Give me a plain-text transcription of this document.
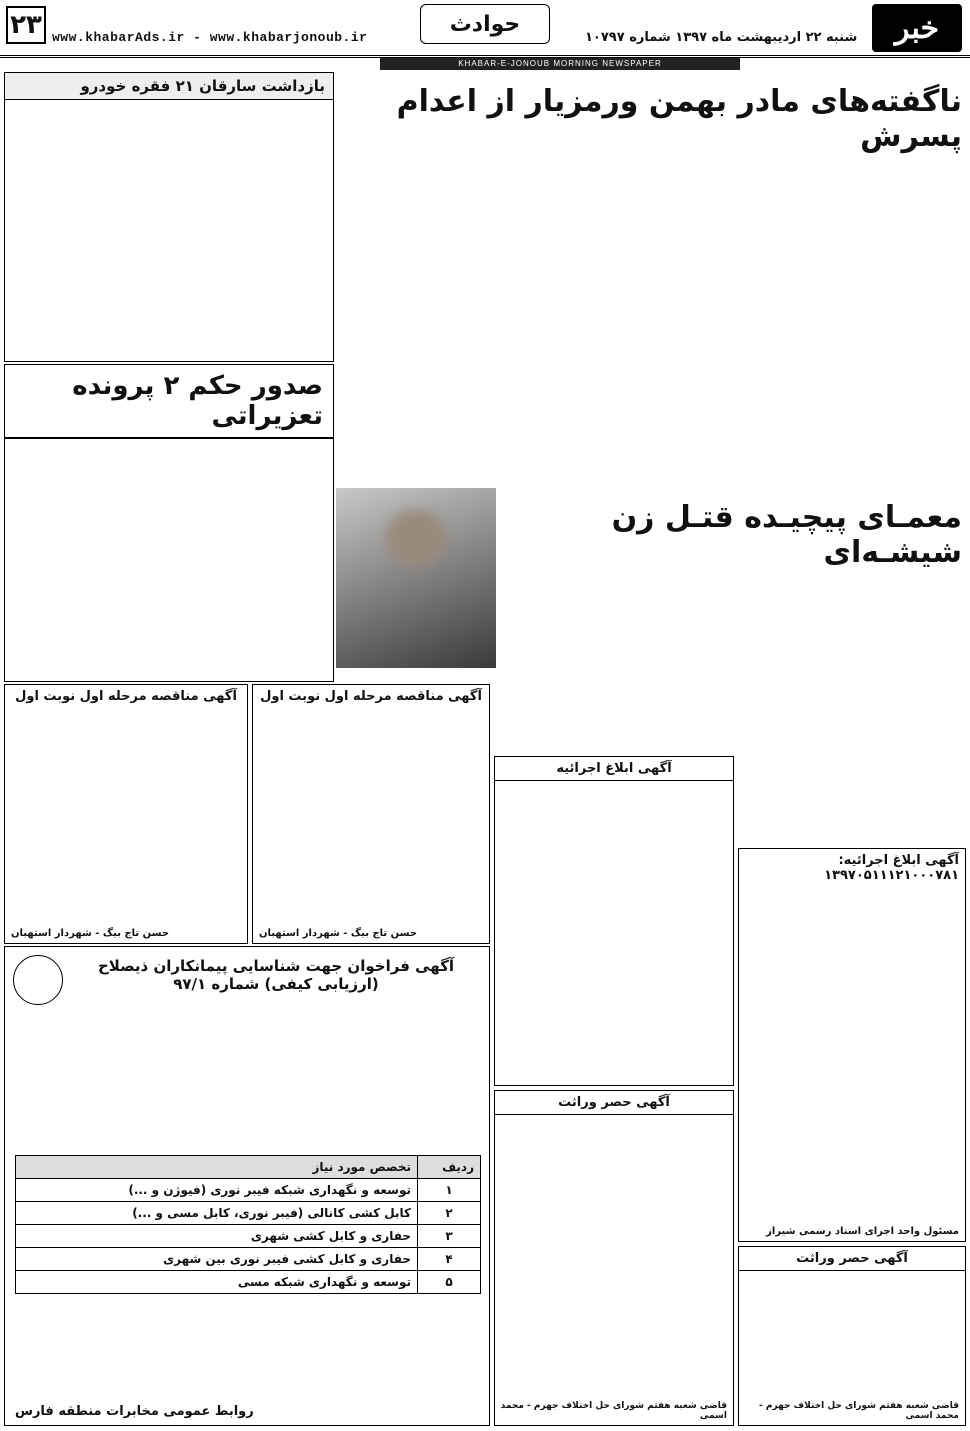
۲۳ www.khabarAds.ir - www.khabarjonoub.ir
حوادث
شنبه ۲۲ اردیبهشت ماه ۱۳۹۷ شماره ۱۰۷۹۷	خبر
KHABAR-E-JONOUB MORNING NEWSPAPER
بازداشت سارقان ۲۱ فقره خودرو	ناگفته‌های مادر بهمن ورمزیار از اعدام پسرش
صدور حکم ۲ پرونده تعزیراتی
معمـای پیچیـده قتـل زن شیشـه‌ای
آگهی مناقصه مرحله اول نوبت اول
حسن تاج بیگ - شهردار استهبان
آگهی مناقصه مرحله اول نوبت اول
حسن تاج بیگ - شهردار استهبان
آگهی ابلاغ اجرائیه
آگهی ابلاغ اجرائیه: ۱۳۹۷۰۵۱۱۱۲۱۰۰۰۷۸۱
مسئول واحد اجرای اسناد رسمی شیراز
آگهی فراخوان جهت شناسایی پیمانکاران ذیصلاح (ارزیابی کیفی) شماره ۹۷/۱
ردیف	تخصص مورد نیاز
۱	توسعه و نگهداری شبکه فیبر نوری (فیوژن و ...)
۲	کابل کشی کانالی (فیبر نوری، کابل مسی و ...)
۳	حفاری و کابل کشی شهری
۴	حفاری و کابل کشی فیبر نوری بین شهری
۵	توسعه و نگهداری شبکه مسی
روابط عمومی مخابرات منطقه فارس
آگهی حصر وراثت
قاضی شعبه هفتم شورای حل اختلاف جهرم - محمد اسمی
آگهی حصر وراثت
قاضی شعبه هفتم شورای حل اختلاف جهرم - محمد اسمی
